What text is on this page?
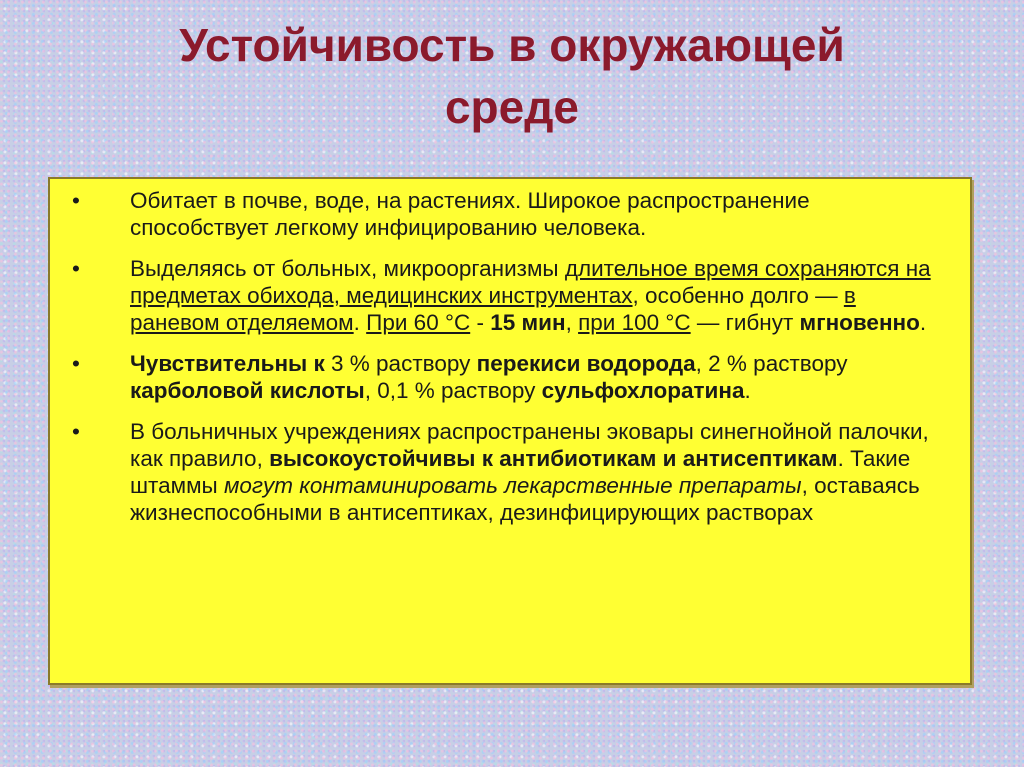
Устойчивость в окружающей
среде
•	Обитает в почве, воде, на растениях. Широкое распространение способствует легкому инфицированию человека.
•	Выделяясь от больных, микроорганизмы длительное время сохраняются на предметах обихода, медицинских инструментах, особенно долго — в раневом отделяемом. При 60 °С - 15 мин, при 100 °С — гибнут мгновенно.
•	Чувствительны к 3 % раствору перекиси водорода, 2 % раствору карболовой кислоты, 0,1 % раствору сульфохлоратина.
•	В больничных учреждениях распространены эковары синегнойной палочки, как правило, высокоустойчивы к антибиотикам и антисептикам. Такие штаммы могут контаминировать лекарственные препараты, оставаясь жизнеспособными в антисептиках, дезинфицирующих растворах
